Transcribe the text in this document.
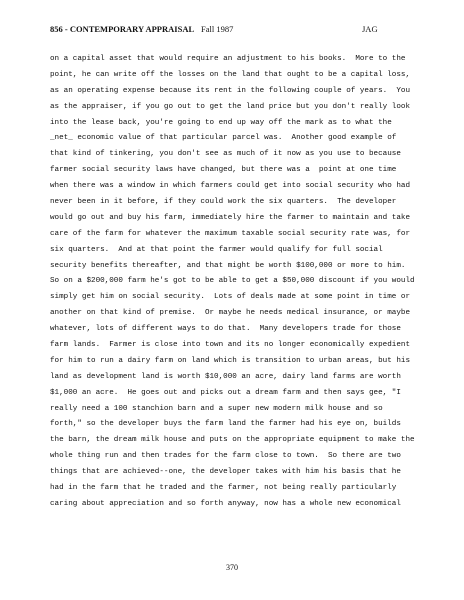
856 - CONTEMPORARY APPRAISAL Fall 1987	JAG
on a capital asset that would require an adjustment to his books.  More to the
point, he can write off the losses on the land that ought to be a capital loss,
as an operating expense because its rent in the following couple of years.  You
as the appraiser, if you go out to get the land price but you don't really look
into the lease back, you're going to end up way off the mark as to what the
_net_ economic value of that particular parcel was.  Another good example of
that kind of tinkering, you don't see as much of it now as you use to because
farmer social security laws have changed, but there was a  point at one time
when there was a window in which farmers could get into social security who had
never been in it before, if they could work the six quarters.  The developer
would go out and buy his farm, immediately hire the farmer to maintain and take
care of the farm for whatever the maximum taxable social security rate was, for
six quarters.  And at that point the farmer would qualify for full social
security benefits thereafter, and that might be worth $100,000 or more to him.
So on a $200,000 farm he's got to be able to get a $50,000 discount if you would
simply get him on social security.  Lots of deals made at some point in time or
another on that kind of premise.  Or maybe he needs medical insurance, or maybe
whatever, lots of different ways to do that.  Many developers trade for those
farm lands.  Farmer is close into town and its no longer economically expedient
for him to run a dairy farm on land which is transition to urban areas, but his
land as development land is worth $10,000 an acre, dairy land farms are worth
$1,000 an acre.  He goes out and picks out a dream farm and then says gee, "I
really need a 100 stanchion barn and a super new modern milk house and so
forth," so the developer buys the farm land the farmer had his eye on, builds
the barn, the dream milk house and puts on the appropriate equipment to make the
whole thing run and then trades for the farm close to town.  So there are two
things that are achieved--one, the developer takes with him his basis that he
had in the farm that he traded and the farmer, not being really particularly
caring about appreciation and so forth anyway, now has a whole new economical
370
